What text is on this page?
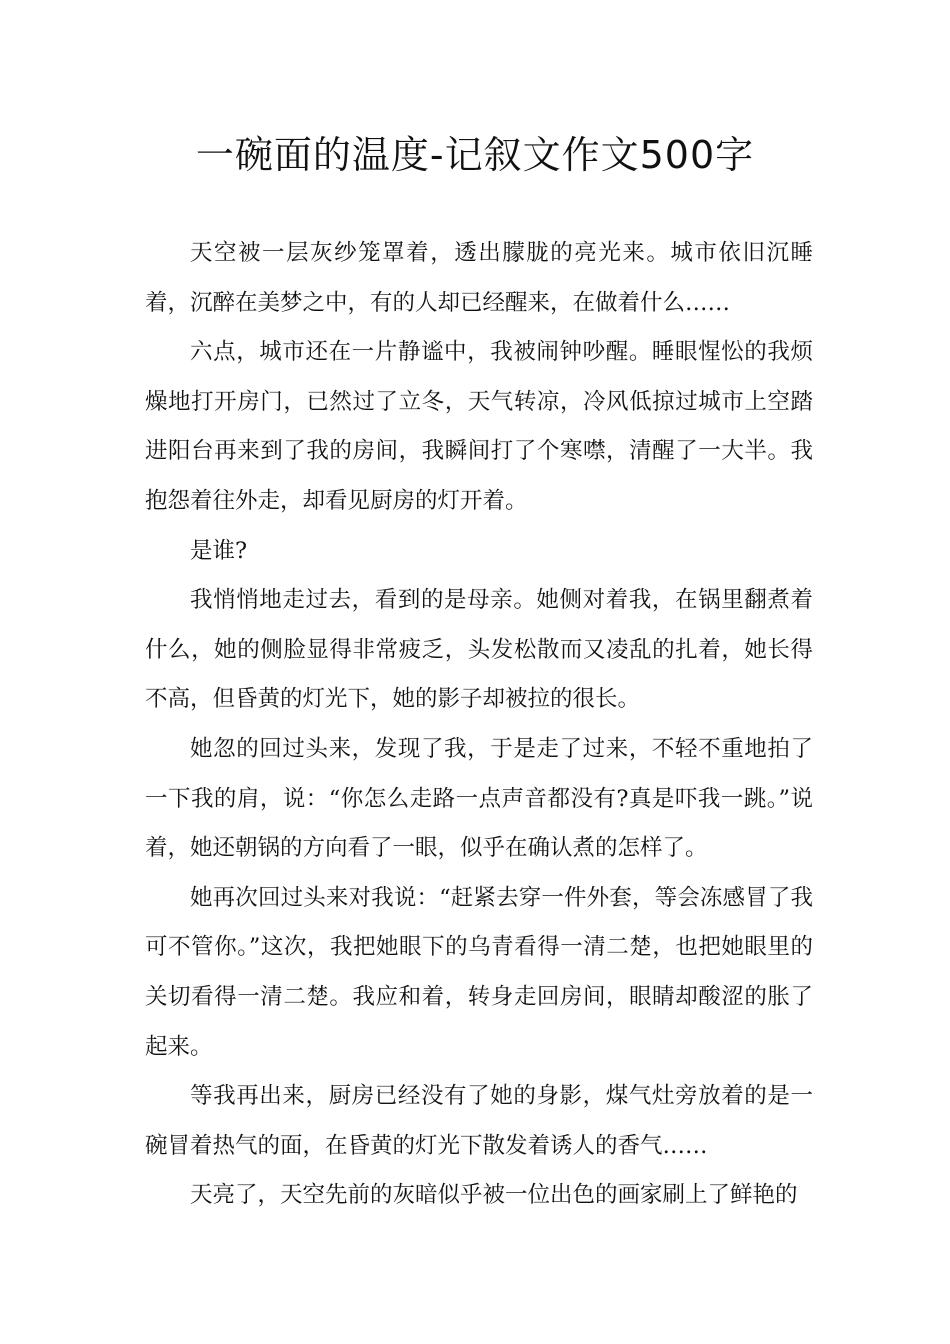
一碗面的温度-记叙文作文500字

天空被一层灰纱笼罩着，透出朦胧的亮光来。城市依旧沉睡着，沉醉在美梦之中，有的人却已经醒来，在做着什么……

六点，城市还在一片静谧中，我被闹钟吵醒。睡眼惺忪的我烦燥地打开房门，已然过了立冬，天气转凉，冷风低掠过城市上空踏进阳台再来到了我的房间，我瞬间打了个寒噤，清醒了一大半。我抱怨着往外走，却看见厨房的灯开着。

是谁?

我悄悄地走过去，看到的是母亲。她侧对着我，在锅里翻煮着什么，她的侧脸显得非常疲乏，头发松散而又凌乱的扎着，她长得不高，但昏黄的灯光下，她的影子却被拉的很长。

她忽的回过头来，发现了我，于是走了过来，不轻不重地拍了一下我的肩，说：“你怎么走路一点声音都没有?真是吓我一跳。”说着，她还朝锅的方向看了一眼，似乎在确认煮的怎样了。

她再次回过头来对我说：“赶紧去穿一件外套，等会冻感冒了我可不管你。”这次，我把她眼下的乌青看得一清二楚，也把她眼里的关切看得一清二楚。我应和着，转身走回房间，眼睛却酸涩的胀了起来。

等我再出来，厨房已经没有了她的身影，煤气灶旁放着的是一碗冒着热气的面，在昏黄的灯光下散发着诱人的香气……

天亮了，天空先前的灰暗似乎被一位出色的画家刷上了鲜艳的
